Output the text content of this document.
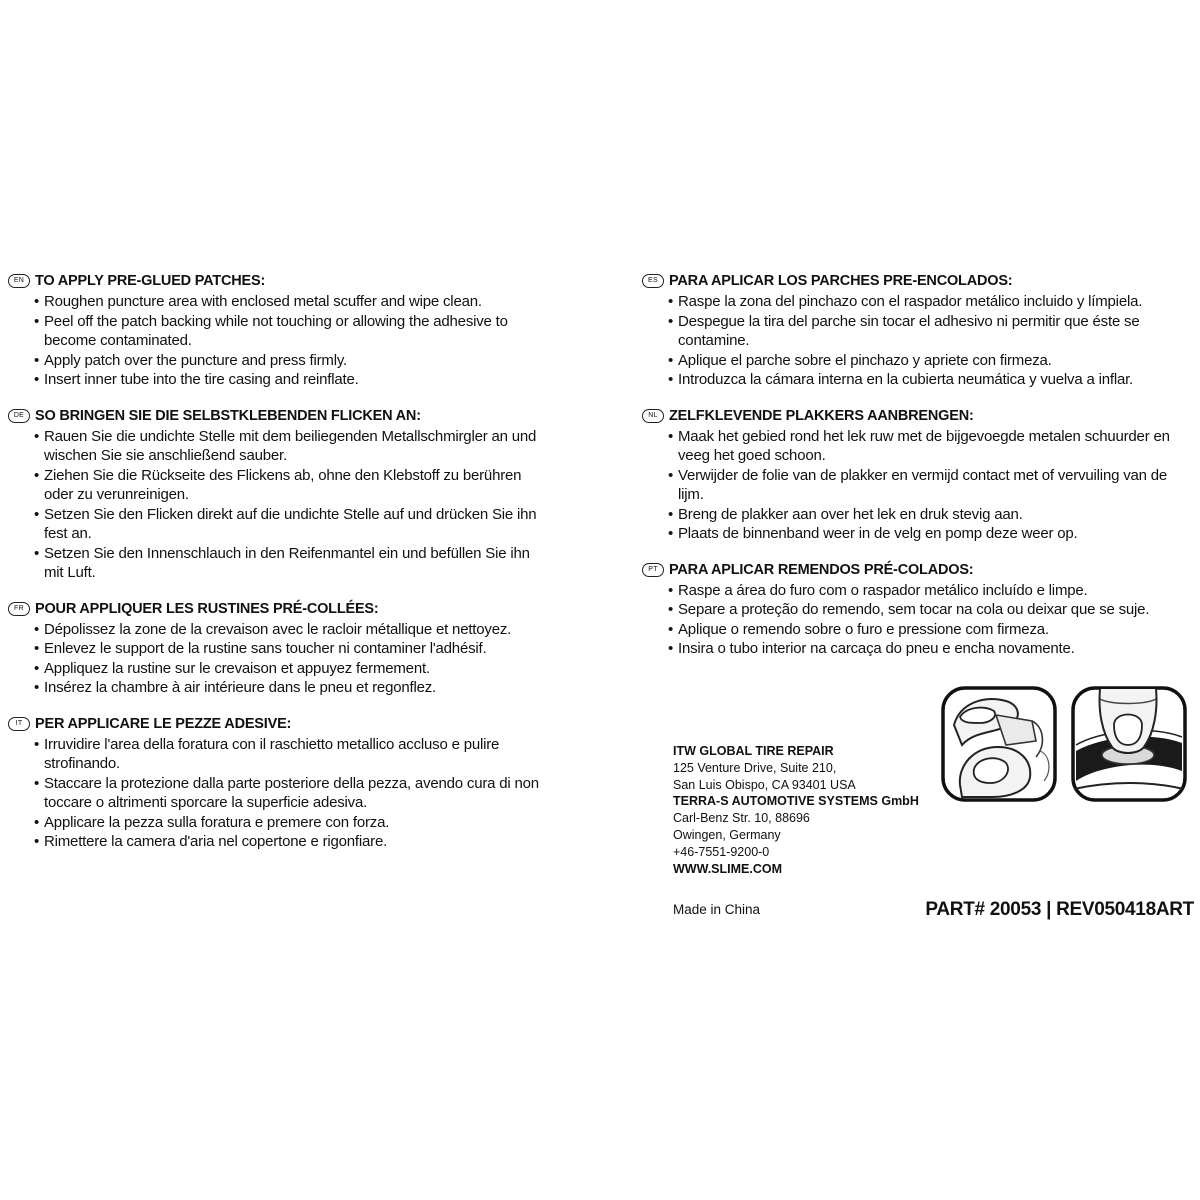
EN TO APPLY PRE-GLUED PATCHES:
• Roughen puncture area with enclosed metal scuffer and wipe clean.
• Peel off the patch backing while not touching or allowing the adhesive to become contaminated.
• Apply patch over the puncture and press firmly.
• Insert inner tube into the tire casing and reinflate.
DE SO BRINGEN SIE DIE SELBSTKLEBENDEN FLICKEN AN:
• Rauen Sie die undichte Stelle mit dem beiliegenden Metallschmirgler an und wischen Sie sie anschließend sauber.
• Ziehen Sie die Rückseite des Flickens ab, ohne den Klebstoff zu berühren oder zu verunreinigen.
• Setzen Sie den Flicken direkt auf die undichte Stelle auf und drücken Sie ihn fest an.
• Setzen Sie den Innenschlauch in den Reifenmantel ein und befüllen Sie ihn mit Luft.
FR POUR APPLIQUER LES RUSTINES PRÉ-COLLÉES:
• Dépolissez la zone de la crevaison avec le racloir métallique et nettoyez.
• Enlevez le support de la rustine sans toucher ni contaminer l'adhésif.
• Appliquez la rustine sur le crevaison et appuyez fermement.
• Insérez la chambre à air intérieure dans le pneu et regonflez.
IT PER APPLICARE LE PEZZE ADESIVE:
• Irruvidire l'area della foratura con il raschietto metallico accluso e pulire strofinando.
• Staccare la protezione dalla parte posteriore della pezza, avendo cura di non toccare o altrimenti sporcare la superficie adesiva.
• Applicare la pezza sulla foratura e premere con forza.
• Rimettere la camera d'aria nel copertone e rigonfiare.
ES PARA APLICAR LOS PARCHES PRE-ENCOLADOS:
• Raspe la zona del pinchazo con el raspador metálico incluido y límpiela.
• Despegue la tira del parche sin tocar el adhesivo ni permitir que éste se contamine.
• Aplique el parche sobre el pinchazo y apriete con firmeza.
• Introduzca la cámara interna en la cubierta neumática y vuelva a inflar.
NL ZELFKLEVENDE PLAKKERS AANBRENGEN:
• Maak het gebied rond het lek ruw met de bijgevoegde metalen schuurder en veeg het goed schoon.
• Verwijder de folie van de plakker en vermijd contact met of vervuiling van de lijm.
• Breng de plakker aan over het lek en druk stevig aan.
• Plaats de binnenband weer in de velg en pomp deze weer op.
PT PARA APLICAR REMENDOS PRÉ-COLADOS:
• Raspe a área do furo com o raspador metálico incluído e limpe.
• Separe a proteção do remendo, sem tocar na cola ou deixar que se suje.
• Aplique o remendo sobre o furo e pressione com firmeza.
• Insira o tubo interior na carcaça do pneu e encha novamente.
ITW GLOBAL TIRE REPAIR
125 Venture Drive, Suite 210,
San Luis Obispo, CA 93401 USA
TERRA-S AUTOMOTIVE SYSTEMS GmbH
Carl-Benz Str. 10, 88696
Owingen, Germany
+46-7551-9200-0
WWW.SLIME.COM
Made in China	PART# 20053 | REV050418ART
